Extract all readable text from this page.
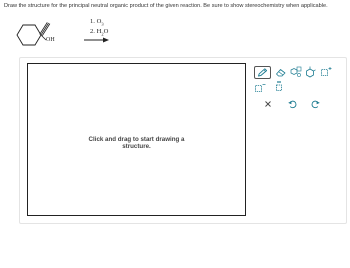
Draw the structure for the principal neutral organic product of the given reaction. Be sure to show stereochemistry when applicable.
OH
1. $O_3$
2. $H_2O$
Click and drag to start drawing a
structure.
